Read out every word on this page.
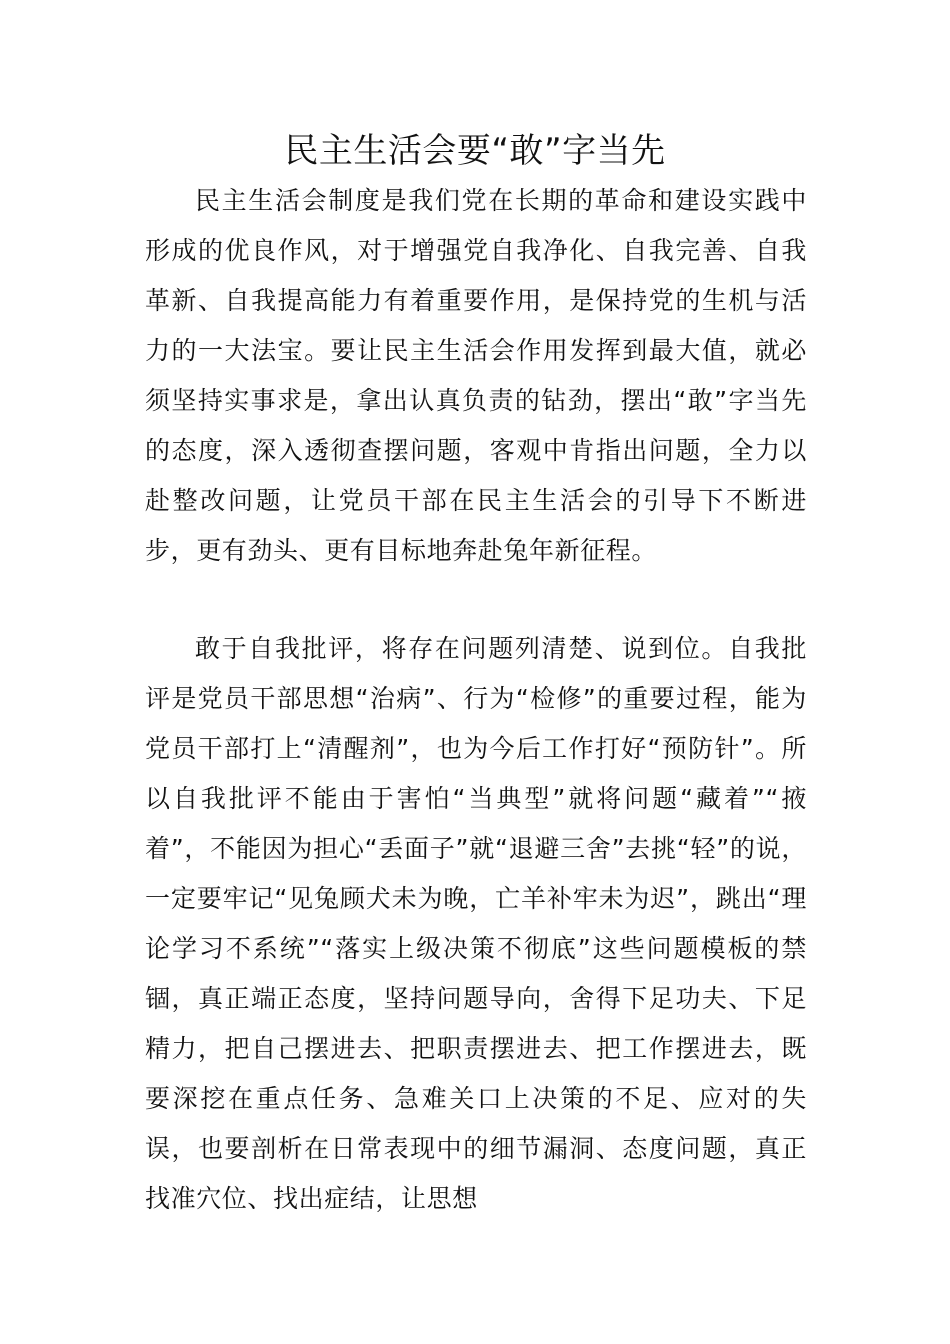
民主生活会要“敢”字当先

民主生活会制度是我们党在长期的革命和建设实践中形成的优良作风，对于增强党自我净化、自我完善、自我革新、自我提高能力有着重要作用，是保持党的生机与活力的一大法宝。要让民主生活会作用发挥到最大值，就必须坚持实事求是，拿出认真负责的钻劲，摆出“敢”字当先的态度，深入透彻查摆问题，客观中肯指出问题，全力以赴整改问题，让党员干部在民主生活会的引导下不断进步，更有劲头、更有目标地奔赴兔年新征程。

敢于自我批评，将存在问题列清楚、说到位。自我批评是党员干部思想“治病”、行为“检修”的重要过程，能为党员干部打上“清醒剂”，也为今后工作打好“预防针”。所以自我批评不能由于害怕“当典型”就将问题“藏着”“掖着”，不能因为担心“丢面子”就“退避三舍”去挑“轻”的说，一定要牢记“见兔顾犬未为晚，亡羊补牢未为迟”，跳出“理论学习不系统”“落实上级决策不彻底”这些问题模板的禁锢，真正端正态度，坚持问题导向，舍得下足功夫、下足精力，把自己摆进去、把职责摆进去、把工作摆进去，既要深挖在重点任务、急难关口上决策的不足、应对的失误，也要剖析在日常表现中的细节漏洞、态度问题，真正找准穴位、找出症结，让思想
